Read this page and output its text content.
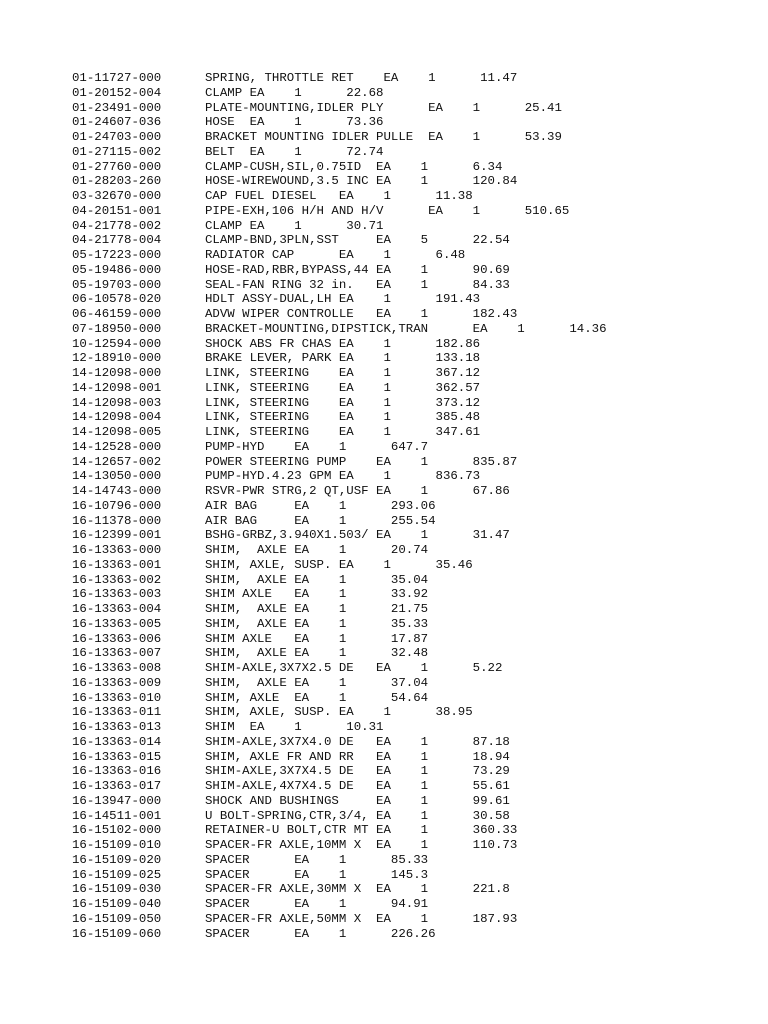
01-11727-000	SPRING, THROTTLE RET    EA    1      11.47
01-20152-004	CLAMP EA    1      22.68
01-23491-000	PLATE-MOUNTING,IDLER PLY      EA    1      25.41
01-24607-036	HOSE  EA    1      73.36
01-24703-000	BRACKET MOUNTING IDLER PULLE  EA    1      53.39
01-27115-002	BELT  EA    1      72.74
01-27760-000	CLAMP-CUSH,SIL,0.75ID  EA    1      6.34
01-28203-260	HOSE-WIREWOUND,3.5 INC EA    1      120.84
03-32670-000	CAP FUEL DIESEL   EA    1      11.38
04-20151-001	PIPE-EXH,106 H/H AND H/V      EA    1      510.65
04-21778-002	CLAMP EA    1      30.71
04-21778-004	CLAMP-BND,3PLN,SST     EA    5      22.54
05-17223-000	RADIATOR CAP      EA    1      6.48
05-19486-000	HOSE-RAD,RBR,BYPASS,44 EA    1      90.69
05-19703-000	SEAL-FAN RING 32 in.   EA    1      84.33
06-10578-020	HDLT ASSY-DUAL,LH EA    1      191.43
06-46159-000	ADVW WIPER CONTROLLE   EA    1      182.43
07-18950-000	BRACKET-MOUNTING,DIPSTICK,TRAN      EA    1      14.36
10-12594-000	SHOCK ABS FR CHAS EA    1      182.86
12-18910-000	BRAKE LEVER, PARK EA    1      133.18
14-12098-000	LINK, STEERING    EA    1      367.12
14-12098-001	LINK, STEERING    EA    1      362.57
14-12098-003	LINK, STEERING    EA    1      373.12
14-12098-004	LINK, STEERING    EA    1      385.48
14-12098-005	LINK, STEERING    EA    1      347.61
14-12528-000	PUMP-HYD    EA    1      647.7
14-12657-002	POWER STEERING PUMP    EA    1      835.87
14-13050-000	PUMP-HYD.4.23 GPM EA    1      836.73
14-14743-000	RSVR-PWR STRG,2 QT,USF EA    1      67.86
16-10796-000	AIR BAG     EA    1      293.06
16-11378-000	AIR BAG     EA    1      255.54
16-12399-001	BSHG-GRBZ,3.940X1.503/ EA    1      31.47
16-13363-000	SHIM,  AXLE EA    1      20.74
16-13363-001	SHIM, AXLE, SUSP. EA    1      35.46
16-13363-002	SHIM,  AXLE EA    1      35.04
16-13363-003	SHIM AXLE   EA    1      33.92
16-13363-004	SHIM,  AXLE EA    1      21.75
16-13363-005	SHIM,  AXLE EA    1      35.33
16-13363-006	SHIM AXLE   EA    1      17.87
16-13363-007	SHIM,  AXLE EA    1      32.48
16-13363-008	SHIM-AXLE,3X7X2.5 DE   EA    1      5.22
16-13363-009	SHIM,  AXLE EA    1      37.04
16-13363-010	SHIM, AXLE  EA    1      54.64
16-13363-011	SHIM, AXLE, SUSP. EA    1      38.95
16-13363-013	SHIM  EA    1      10.31
16-13363-014	SHIM-AXLE,3X7X4.0 DE   EA    1      87.18
16-13363-015	SHIM, AXLE FR AND RR   EA    1      18.94
16-13363-016	SHIM-AXLE,3X7X4.5 DE   EA    1      73.29
16-13363-017	SHIM-AXLE,4X7X4.5 DE   EA    1      55.61
16-13947-000	SHOCK AND BUSHINGS     EA    1      99.61
16-14511-001	U BOLT-SPRING,CTR,3/4, EA    1      30.58
16-15102-000	RETAINER-U BOLT,CTR MT EA    1      360.33
16-15109-010	SPACER-FR AXLE,10MM X  EA    1      110.73
16-15109-020	SPACER      EA    1      85.33
16-15109-025	SPACER      EA    1      145.3
16-15109-030	SPACER-FR AXLE,30MM X  EA    1      221.8
16-15109-040	SPACER      EA    1      94.91
16-15109-050	SPACER-FR AXLE,50MM X  EA    1      187.93
16-15109-060	SPACER      EA    1      226.26
